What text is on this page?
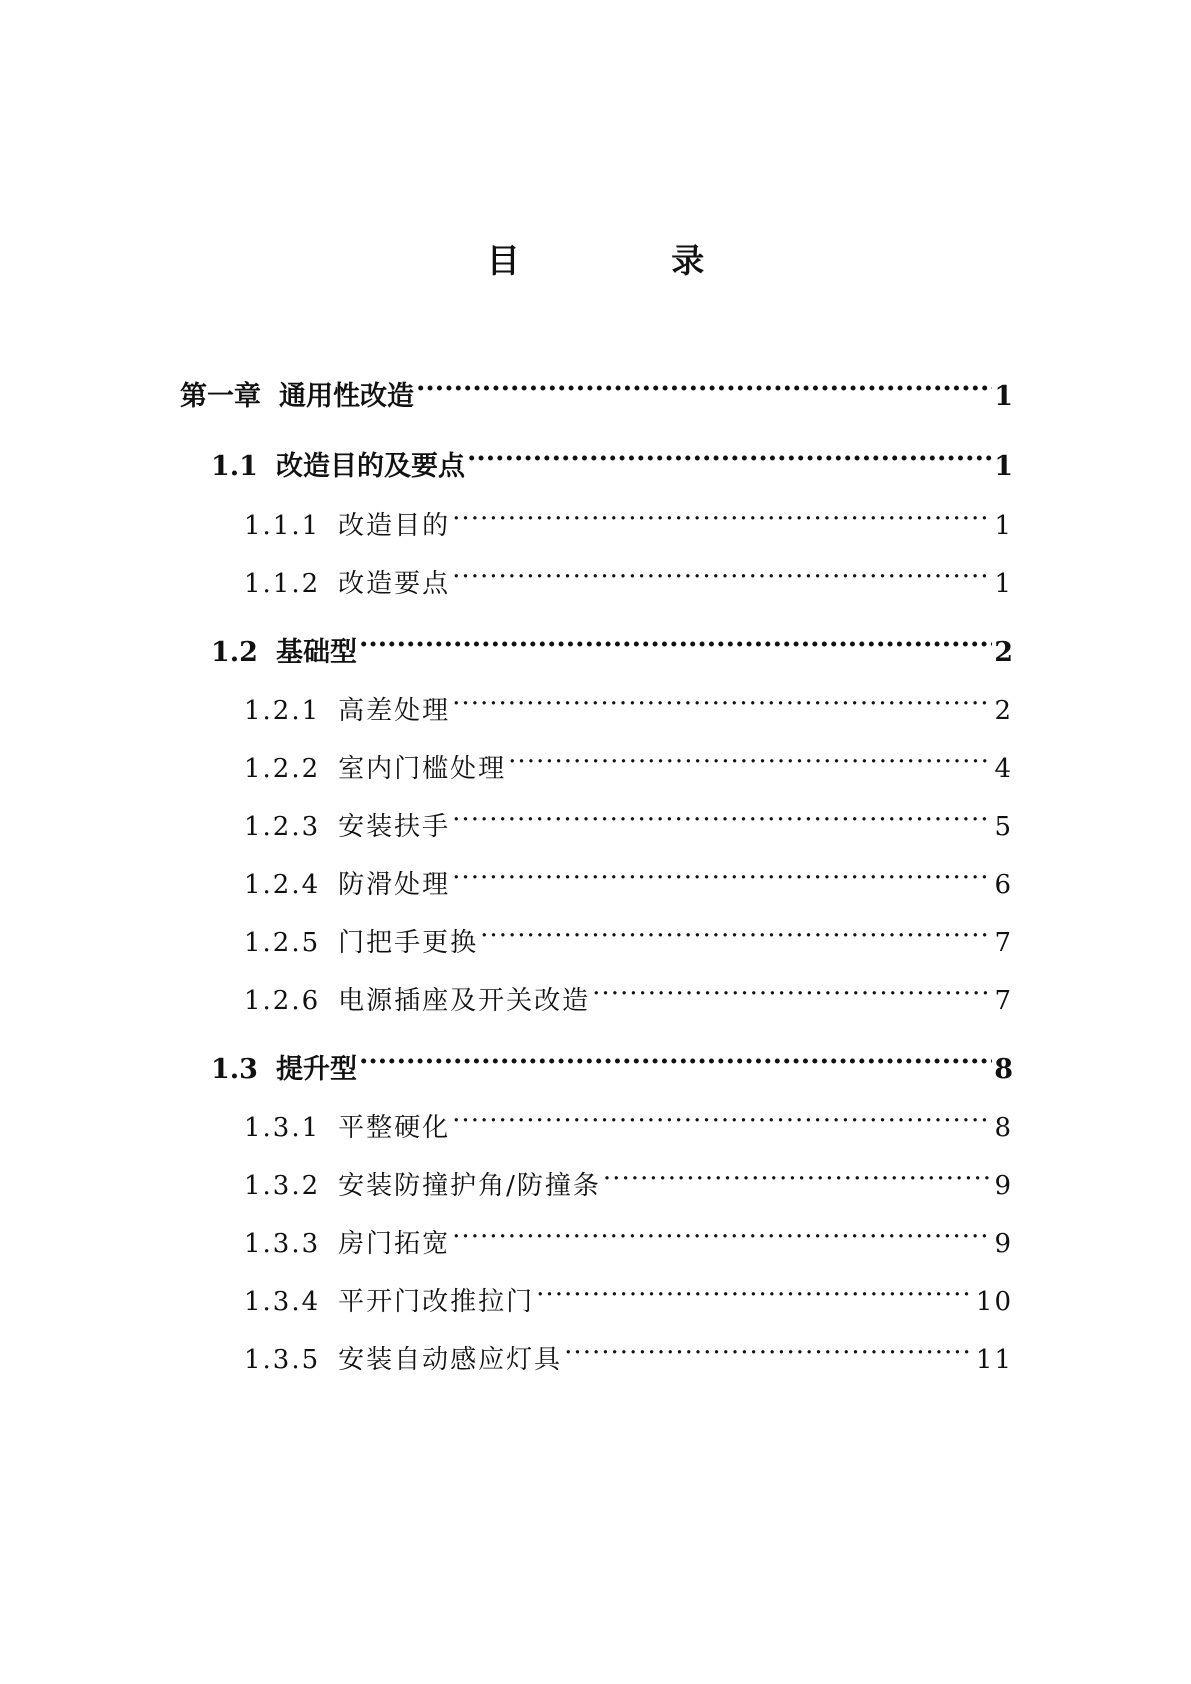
目 录
第一章 通用性改造 .....	1
1.1 改造目的及要点 .....	1
1.1.1 改造目的 .....	1
1.1.2 改造要点 .....	1
1.2 基础型 .....	2
1.2.1 高差处理 .....	2
1.2.2 室内门槛处理 .....	4
1.2.3 安装扶手 .....	5
1.2.4 防滑处理 .....	6
1.2.5 门把手更换 .....	7
1.2.6 电源插座及开关改造 .....	7
1.3 提升型 .....	8
1.3.1 平整硬化 .....	8
1.3.2 安装防撞护角/防撞条 .....	9
1.3.3 房门拓宽 .....	9
1.3.4 平开门改推拉门 .....	10
1.3.5 安装自动感应灯具 .....	11
